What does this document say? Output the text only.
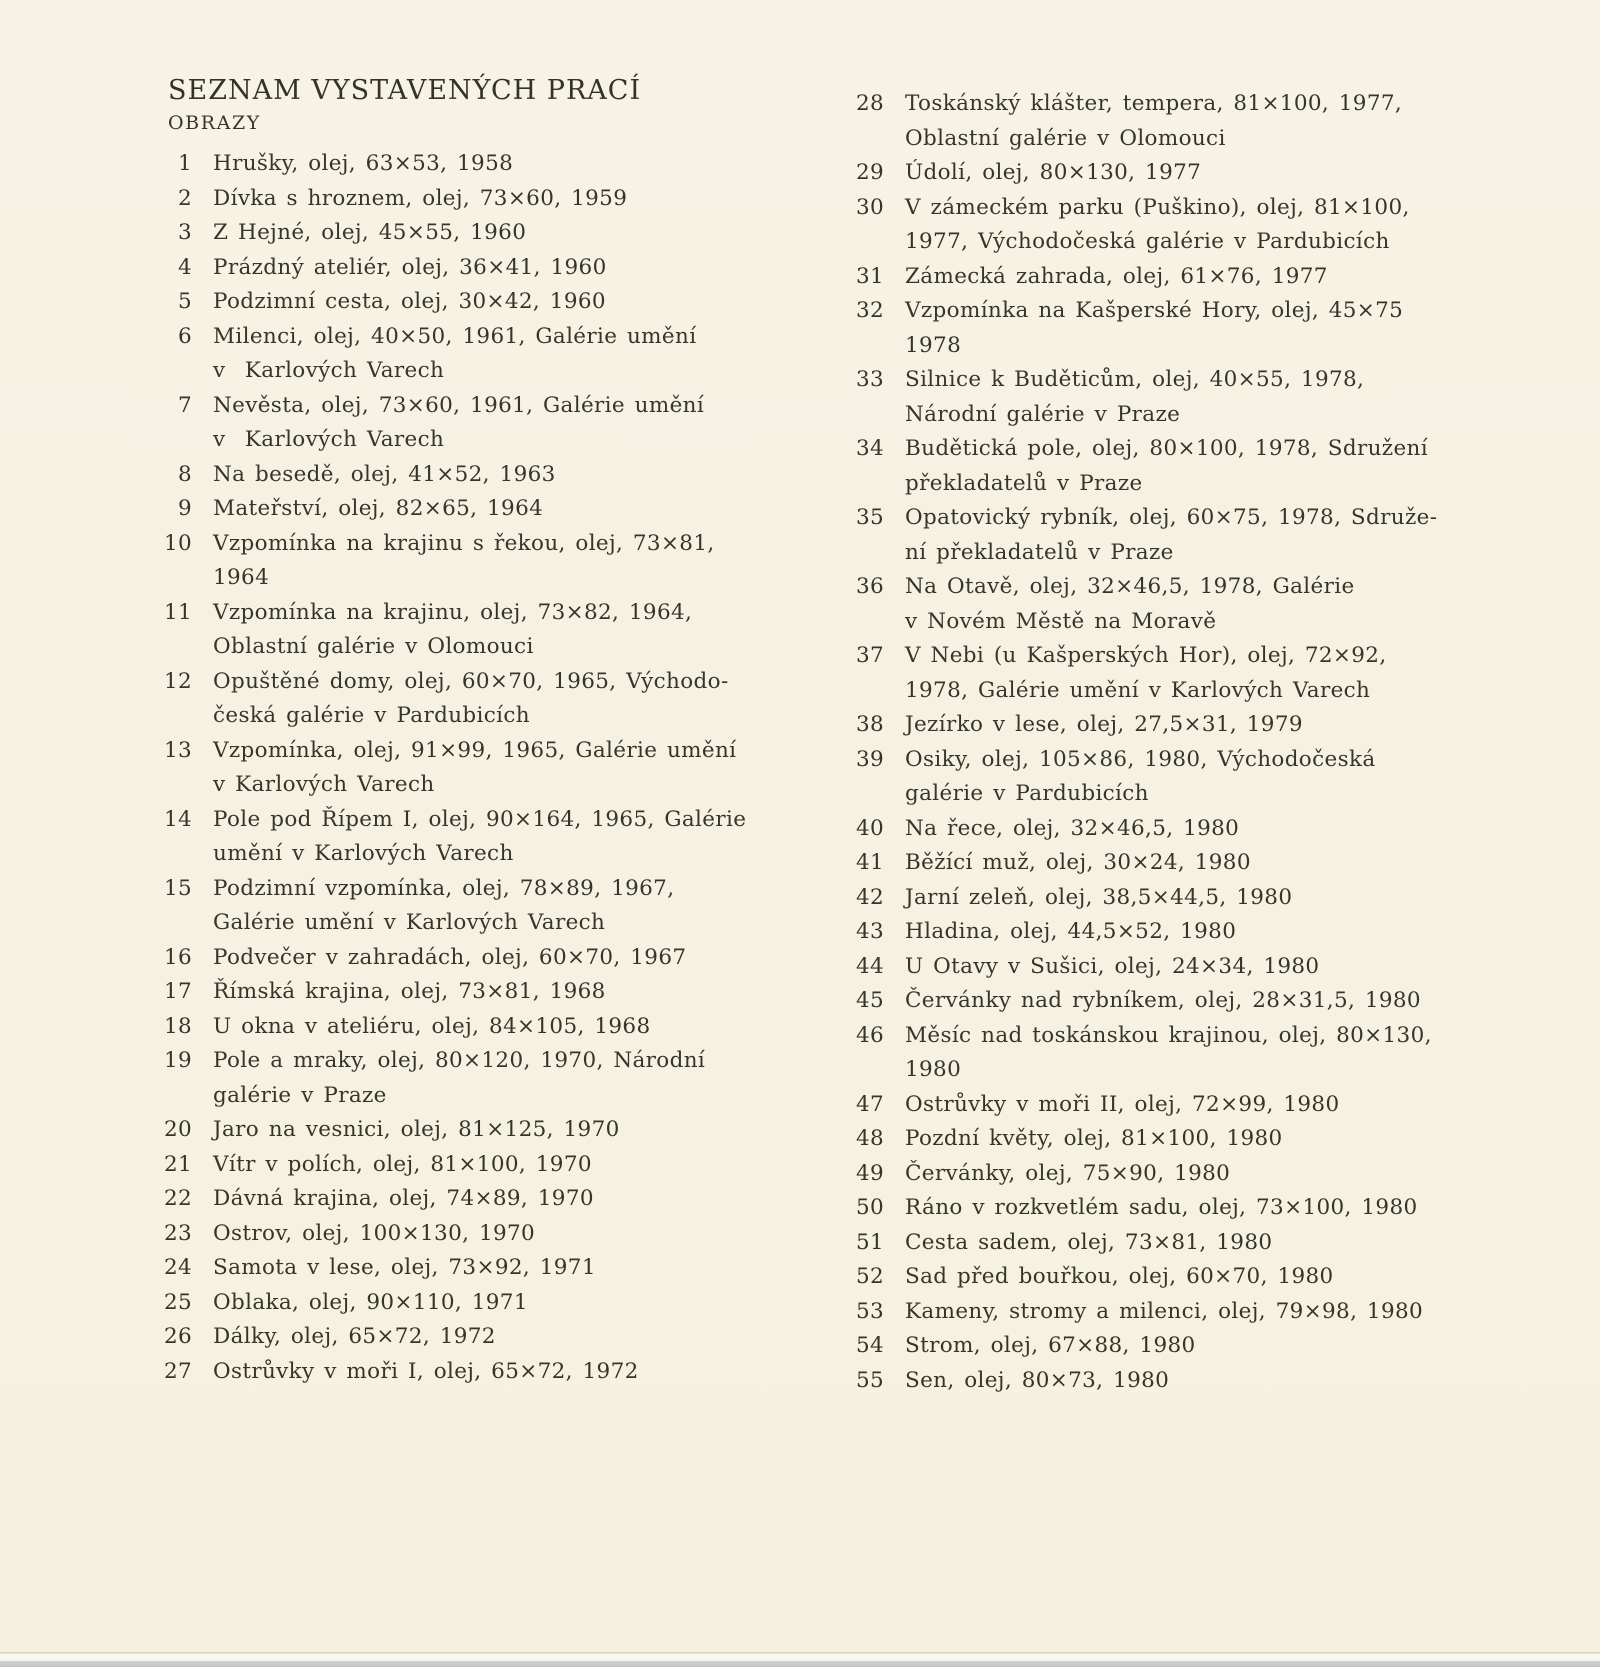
SEZNAM VYSTAVENÝCH PRACÍ
OBRAZY
1 Hrušky, olej, 63×53, 1958
2 Dívka s hroznem, olej, 73×60, 1959
3 Z Hejné, olej, 45×55, 1960
4 Prázdný ateliér, olej, 36×41, 1960
5 Podzimní cesta, olej, 30×42, 1960
6 Milenci, olej, 40×50, 1961, Galérie umění
v  Karlových Varech
7 Nevěsta, olej, 73×60, 1961, Galérie umění
v  Karlových Varech
8 Na besedě, olej, 41×52, 1963
9 Mateřství, olej, 82×65, 1964
10 Vzpomínka na krajinu s řekou, olej, 73×81,
1964
11 Vzpomínka na krajinu, olej, 73×82, 1964,
Oblastní galérie v Olomouci
12 Opuštěné domy, olej, 60×70, 1965, Východo-
česká galérie v Pardubicích
13 Vzpomínka, olej, 91×99, 1965, Galérie umění
v Karlových Varech
14 Pole pod Řípem I, olej, 90×164, 1965, Galérie
umění v Karlových Varech
15 Podzimní vzpomínka, olej, 78×89, 1967,
Galérie umění v Karlových Varech
16 Podvečer v zahradách, olej, 60×70, 1967
17 Římská krajina, olej, 73×81, 1968
18 U okna v ateliéru, olej, 84×105, 1968
19 Pole a mraky, olej, 80×120, 1970, Národní
galérie v Praze
20 Jaro na vesnici, olej, 81×125, 1970
21 Vítr v polích, olej, 81×100, 1970
22 Dávná krajina, olej, 74×89, 1970
23 Ostrov, olej, 100×130, 1970
24 Samota v lese, olej, 73×92, 1971
25 Oblaka, olej, 90×110, 1971
26 Dálky, olej, 65×72, 1972
27 Ostrůvky v moři I, olej, 65×72, 1972
28 Toskánský klášter, tempera, 81×100, 1977,
Oblastní galérie v Olomouci
29 Údolí, olej, 80×130, 1977
30 V zámeckém parku (Puškino), olej, 81×100,
1977, Východočeská galérie v Pardubicích
31 Zámecká zahrada, olej, 61×76, 1977
32 Vzpomínka na Kašperské Hory, olej, 45×75
1978
33 Silnice k Buděticům, olej, 40×55, 1978,
Národní galérie v Praze
34 Budětická pole, olej, 80×100, 1978, Sdružení
překladatelů v Praze
35 Opatovický rybník, olej, 60×75, 1978, Sdruže-
ní překladatelů v Praze
36 Na Otavě, olej, 32×46,5, 1978, Galérie
v Novém Městě na Moravě
37 V Nebi (u Kašperských Hor), olej, 72×92,
1978, Galérie umění v Karlových Varech
38 Jezírko v lese, olej, 27,5×31, 1979
39 Osiky, olej, 105×86, 1980, Východočeská
galérie v Pardubicích
40 Na řece, olej, 32×46,5, 1980
41 Běžící muž, olej, 30×24, 1980
42 Jarní zeleň, olej, 38,5×44,5, 1980
43 Hladina, olej, 44,5×52, 1980
44 U Otavy v Sušici, olej, 24×34, 1980
45 Červánky nad rybníkem, olej, 28×31,5, 1980
46 Měsíc nad toskánskou krajinou, olej, 80×130,
1980
47 Ostrůvky v moři II, olej, 72×99, 1980
48 Pozdní květy, olej, 81×100, 1980
49 Červánky, olej, 75×90, 1980
50 Ráno v rozkvetlém sadu, olej, 73×100, 1980
51 Cesta sadem, olej, 73×81, 1980
52 Sad před bouřkou, olej, 60×70, 1980
53 Kameny, stromy a milenci, olej, 79×98, 1980
54 Strom, olej, 67×88, 1980
55 Sen, olej, 80×73, 1980
